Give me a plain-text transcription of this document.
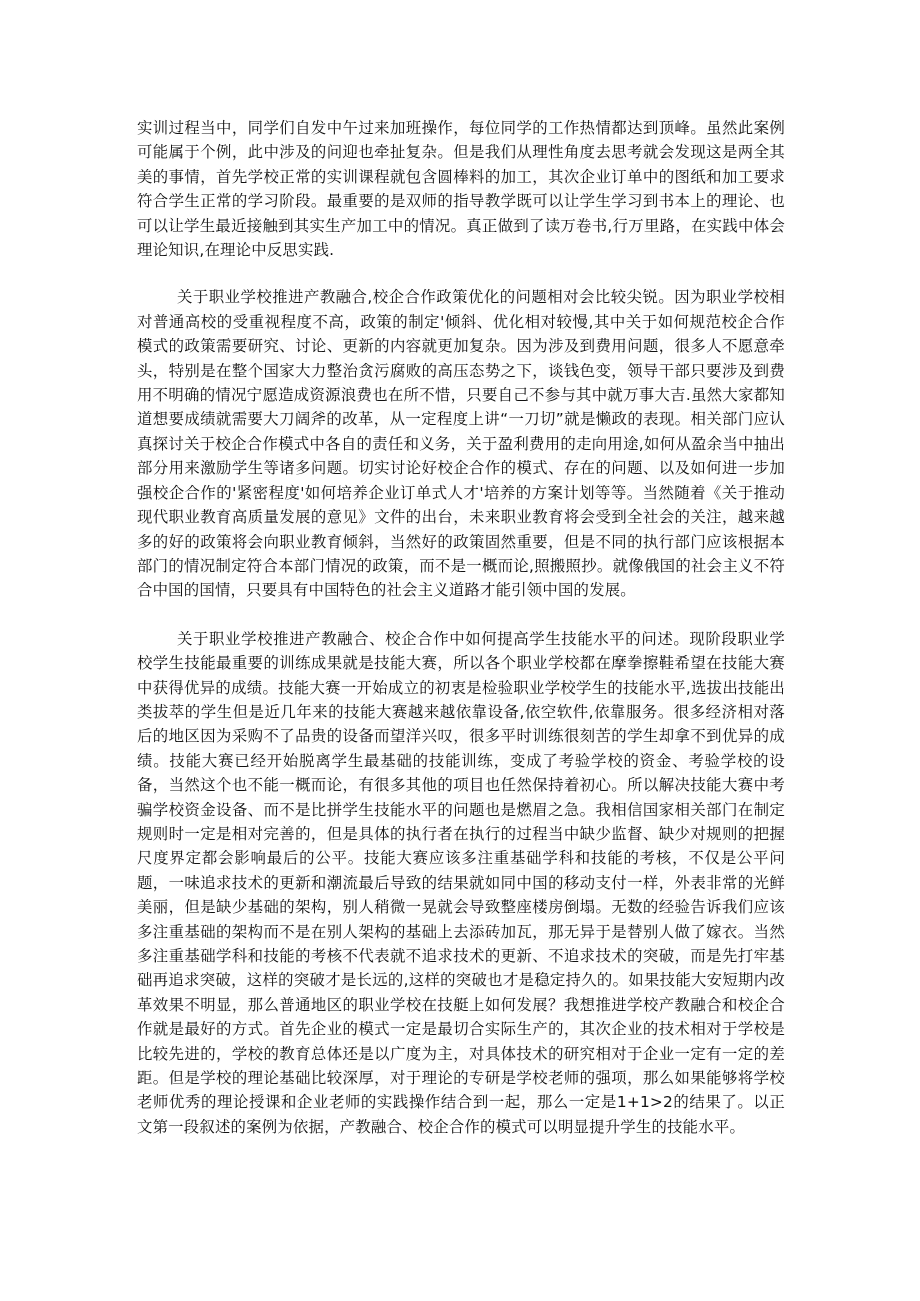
实训过程当中，同学们自发中午过来加班操作，每位同学的工作热情都达到顶峰。虽然此案例可能属于个例，此中涉及的问迎也牵扯复杂。但是我们从理性角度去思考就会发现这是两全其美的事情，首先学校正常的实训课程就包含圆棒料的加工，其次企业订单中的图纸和加工要求符合学生正常的学习阶段。最重要的是双师的指导教学既可以让学生学习到书本上的理论、也可以让学生最近接触到其实生产加工中的情况。真正做到了读万卷书,行万里路，在实践中体会理论知识,在理论中反思实践.

关于职业学校推进产教融合,校企合作政策优化的问题相对会比较尖锐。因为职业学校相对普通高校的受重视程度不高，政策的制定'倾斜、优化相对较慢,其中关于如何规范校企合作模式的政策需要研究、讨论、更新的内容就更加复杂。因为涉及到费用问题，很多人不愿意牵头，特别是在整个国家大力整治贪污腐败的高压态势之下，谈钱色变，领导干部只要涉及到费用不明确的情况宁愿造成资源浪费也在所不惜，只要自己不参与其中就万事大吉.虽然大家都知道想要成绩就需要大刀阔斧的改革，从一定程度上讲“一刀切”就是懒政的表现。相关部门应认真探讨关于校企合作模式中各自的责任和义务，关于盈利费用的走向用途,如何从盈余当中抽出部分用来激励学生等诸多问题。切实讨论好校企合作的模式、存在的问题、以及如何进一步加强校企合作的'紧密程度'如何培养企业订单式人才'培养的方案计划等等。当然随着《关于推动现代职业教育高质量发展的意见》文件的出台，未来职业教育将会受到全社会的关注，越来越多的好的政策将会向职业教育倾斜，当然好的政策固然重要，但是不同的执行部门应该根据本部门的情况制定符合本部门情况的政策，而不是一概而论,照搬照抄。就像俄国的社会主义不符合中国的国情，只要具有中国特色的社会主义道路才能引领中国的发展。

关于职业学校推进产教融合、校企合作中如何提高学生技能水平的问述。现阶段职业学校学生技能最重要的训练成果就是技能大赛，所以各个职业学校都在摩拳擦鞋希望在技能大赛中获得优异的成绩。技能大赛一开始成立的初衷是检验职业学校学生的技能水平,选拔出技能出类拔萃的学生但是近几年来的技能大赛越来越依靠设备,依空软件,依靠服务。很多经济相对落后的地区因为采购不了品贵的设备而望洋兴叹，很多平时训练很刻苦的学生却拿不到优异的成绩。技能大赛已经开始脱离学生最基础的技能训练，变成了考验学校的资金、考验学校的设备，当然这个也不能一概而论，有很多其他的项目也任然保持着初心。所以解决技能大赛中考骗学校资金设备、而不是比拼学生技能水平的问题也是燃眉之急。我相信国家相关部门在制定规则时一定是相对完善的，但是具体的执行者在执行的过程当中缺少监督、缺少对规则的把握尺度界定都会影响最后的公平。技能大赛应该多注重基础学科和技能的考核，不仅是公平问题，一味追求技术的更新和潮流最后导致的结果就如同中国的移动支付一样，外表非常的光鲜美丽，但是缺少基础的架构，别人稍微一晃就会导致整座楼房倒塌。无数的经验告诉我们应该多注重基础的架构而不是在别人架构的基础上去添砖加瓦，那无异于是替别人做了嫁衣。当然多注重基础学科和技能的考核不代表就不追求技术的更新、不追求技术的突破，而是先打牢基础再追求突破，这样的突破才是长远的,这样的突破也才是稳定持久的。如果技能大安短期内改革效果不明显，那么普通地区的职业学校在技艇上如何发展？我想推进学校产教融合和校企合作就是最好的方式。首先企业的模式一定是最切合实际生产的，其次企业的技术相对于学校是比较先进的，学校的教育总体还是以广度为主，对具体技术的研究相对于企业一定有一定的差距。但是学校的理论基础比较深厚，对于理论的专研是学校老师的强项，那么如果能够将学校老师优秀的理论授课和企业老师的实践操作结合到一起，那么一定是1+1>2的结果了。以正文第一段叙述的案例为依据，产教融合、校企合作的模式可以明显提升学生的技能水平。
